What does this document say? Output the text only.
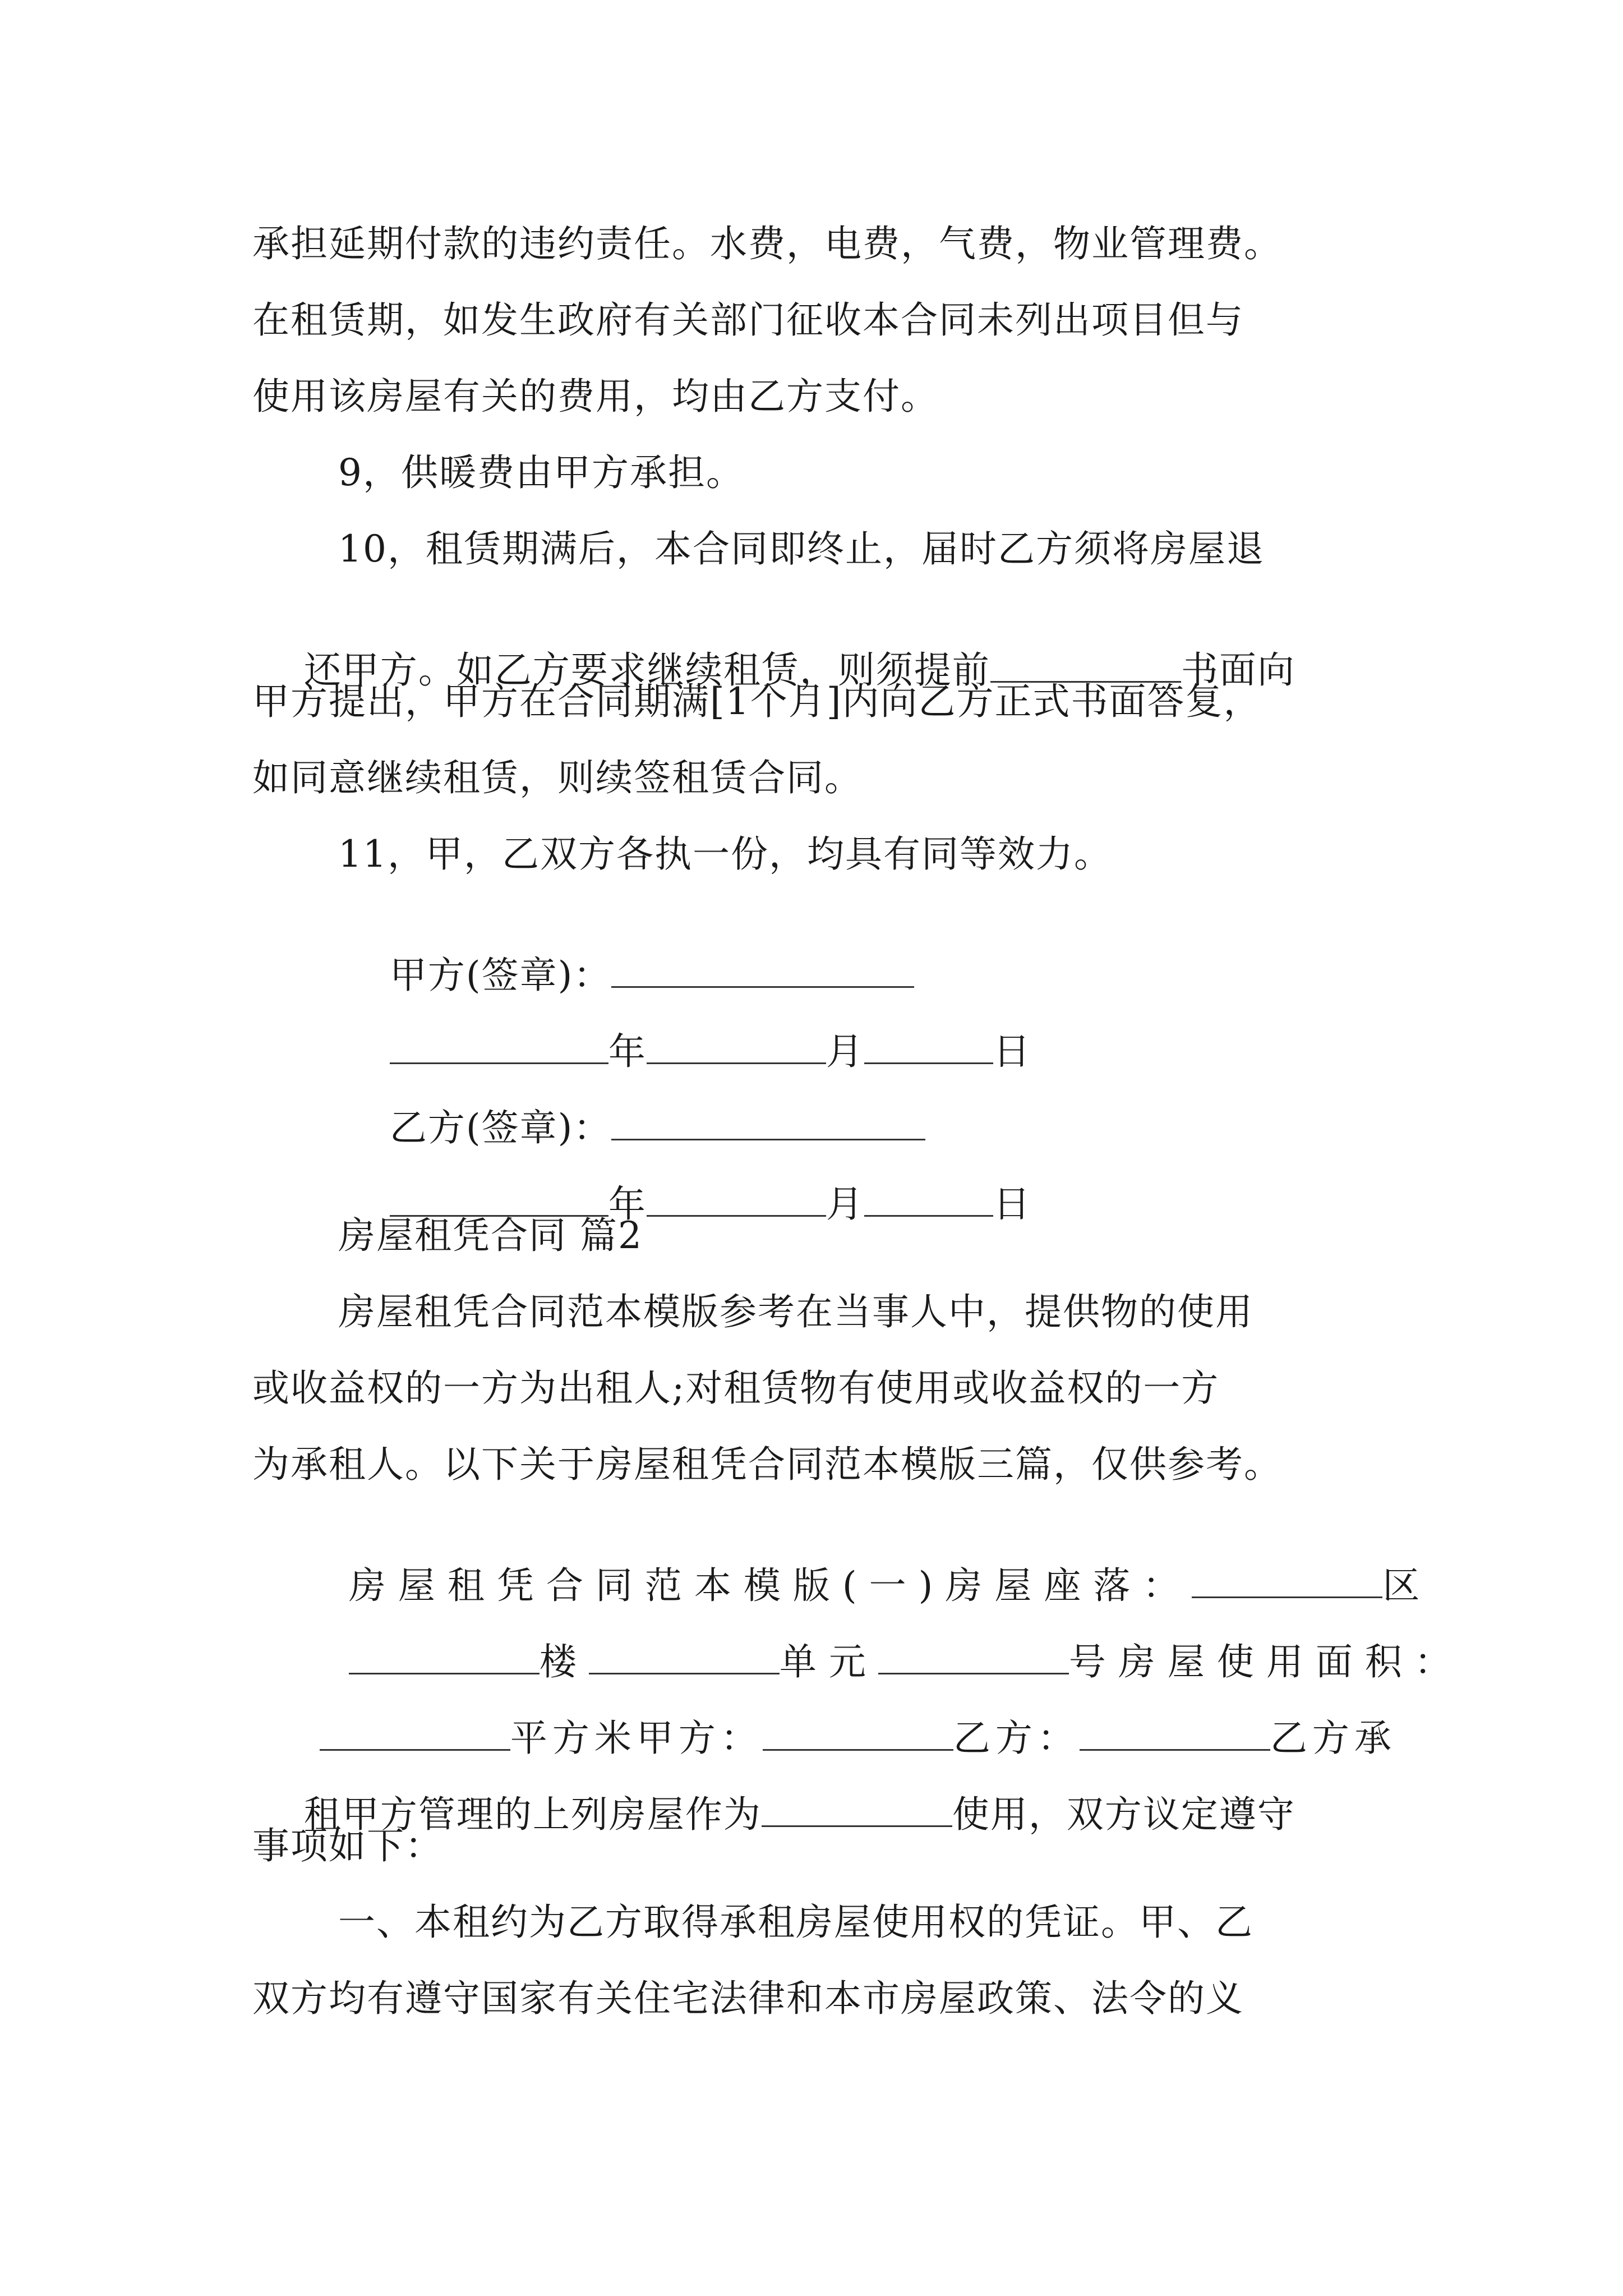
承担延期付款的违约责任。水费，电费，气费，物业管理费。
在租赁期，如发生政府有关部门征收本合同未列出项目但与
使用该房屋有关的费用，均由乙方支付。
9，供暖费由甲方承担。
10，租赁期满后，本合同即终止，届时乙方须将房屋退

还甲方。如乙方要求继续租赁，则须提前	书面向

甲方提出，甲方在合同期满[1个月]内向乙方正式书面答复，
如同意继续租赁，则续签租赁合同。
11，甲，乙双方各执一份，均具有同等效力。

甲方(签章)：

年	月	日

乙方(签章)：

年	月	日

房屋租凭合同 篇2
房屋租凭合同范本模版参考在当事人中，提供物的使用
或收益权的一方为出租人;对租赁物有使用或收益权的一方
为承租人。以下关于房屋租凭合同范本模版三篇，仅供参考。

房屋租凭合同范本模版(一)房屋座落：	区

楼	单元	号房屋使用面积：

平方米甲方：	乙方：	乙方承

租甲方管理的上列房屋作为	使用，双方议定遵守

事项如下：
一、本租约为乙方取得承租房屋使用权的凭证。甲、乙
双方均有遵守国家有关住宅法律和本市房屋政策、法令的义
